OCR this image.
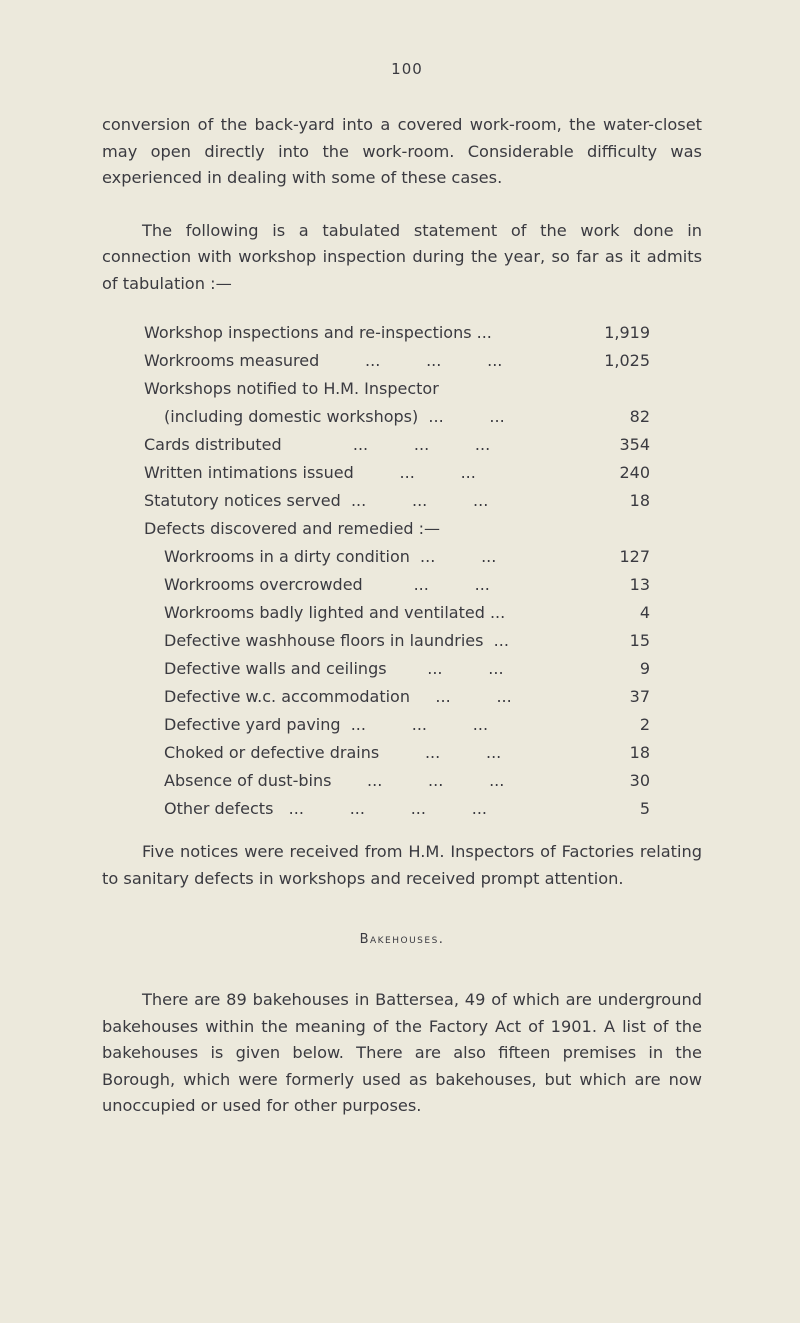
100

conversion of the back-yard into a covered work-room, the water-closet may open directly into the work-room. Considerable difficulty was experienced in dealing with some of these cases.

The following is a tabulated statement of the work done in connection with workshop inspection during the year, so far as it admits of tabulation :—

Workshop inspections and re-inspections ...	1,919
Workrooms measured         ...         ...         ...	1,025
Workshops notified to H.M. Inspector
(including domestic workshops)  ...         ...	82
Cards distributed              ...         ...         ...	354
Written intimations issued         ...         ...	240
Statutory notices served  ...         ...         ...	18
Defects discovered and remedied :—
Workrooms in a dirty condition  ...         ...	127
Workrooms overcrowded          ...         ...	13
Workrooms badly lighted and ventilated ...	4
Defective washhouse floors in laundries  ...	15
Defective walls and ceilings        ...         ...	9
Defective w.c. accommodation     ...         ...	37
Defective yard paving  ...         ...         ...	2
Choked or defective drains         ...         ...	18
Absence of dust-bins       ...         ...         ...	30
Other defects   ...         ...         ...         ...	5

Five notices were received from H.M. Inspectors of Factories relating to sanitary defects in workshops and received prompt attention.

Bakehouses.

There are 89 bakehouses in Battersea, 49 of which are underground bakehouses within the meaning of the Factory Act of 1901. A list of the bakehouses is given below. There are also fifteen premises in the Borough, which were formerly used as bakehouses, but which are now unoccupied or used for other purposes.
